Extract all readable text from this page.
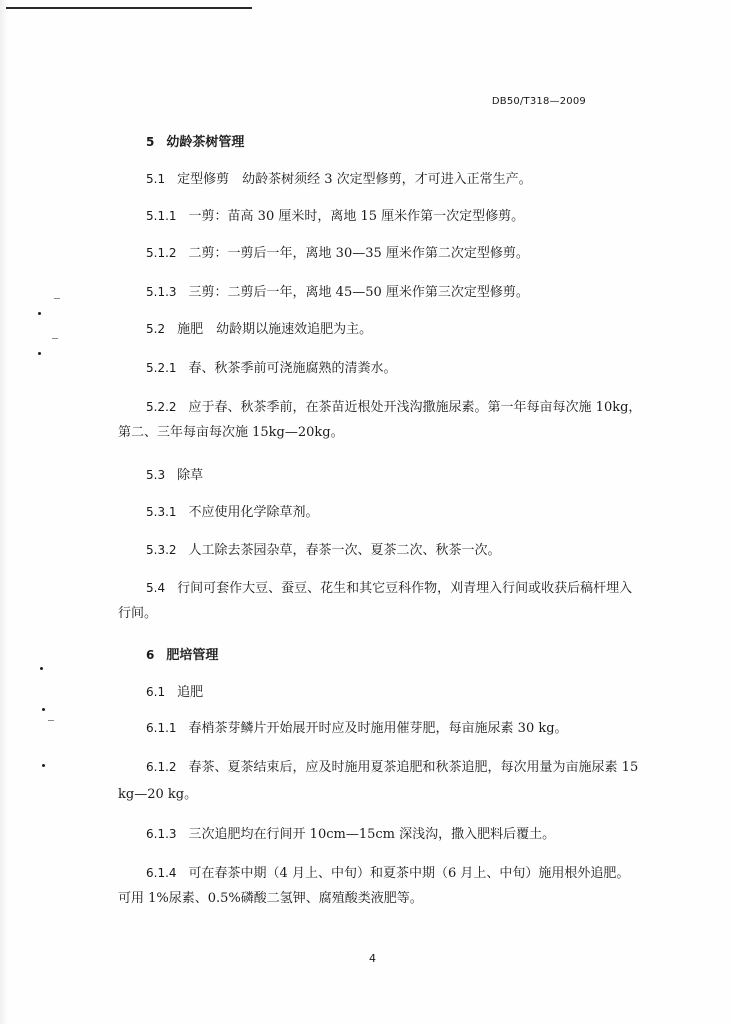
DB50/T318—2009
5 幼龄茶树管理
5.1 定型修剪　幼龄茶树须经 3 次定型修剪，才可进入正常生产。
5.1.1 一剪：苗高 30 厘米时，离地 15 厘米作第一次定型修剪。
5.1.2 二剪：一剪后一年，离地 30—35 厘米作第二次定型修剪。
5.1.3 三剪：二剪后一年，离地 45—50 厘米作第三次定型修剪。
5.2 施肥　幼龄期以施速效追肥为主。
5.2.1 春、秋茶季前可浇施腐熟的清粪水。
5.2.2 应于春、秋茶季前，在茶苗近根处开浅沟撒施尿素。第一年每亩每次施 10kg，
第二、三年每亩每次施 15kg—20kg。
5.3 除草
5.3.1 不应使用化学除草剂。
5.3.2 人工除去茶园杂草，春茶一次、夏茶二次、秋茶一次。
5.4 行间可套作大豆、蚕豆、花生和其它豆科作物，刈青埋入行间或收获后稿杆埋入
行间。
6 肥培管理
6.1 追肥
6.1.1 春梢茶芽鳞片开始展开时应及时施用催芽肥，每亩施尿素 30 kg。
6.1.2 春茶、夏茶结束后，应及时施用夏茶追肥和秋茶追肥，每次用量为亩施尿素 15
kg—20 kg。
6.1.3 三次追肥均在行间开 10cm—15cm 深浅沟，撒入肥料后覆土。
6.1.4 可在春茶中期（4 月上、中旬）和夏茶中期（6 月上、中旬）施用根外追肥。
可用 1%尿素、0.5%磷酸二氢钾、腐殖酸类液肥等。
4
